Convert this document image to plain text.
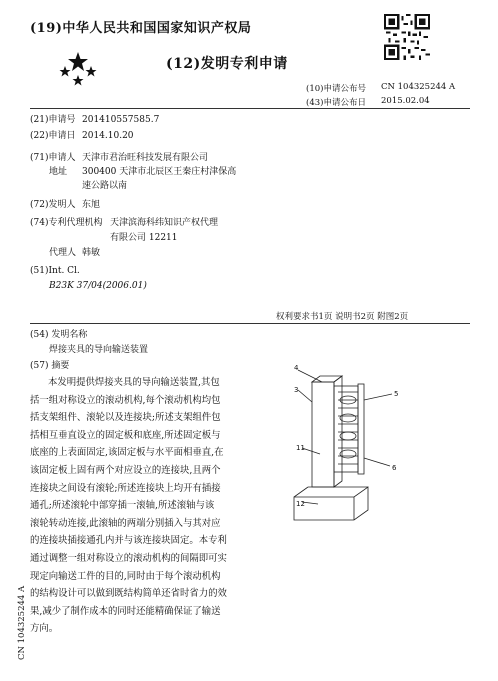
(19)中华人民共和国国家知识产权局
(12)发明专利申请
(10)申请公布号 CN 104325244 A
(43)申请公布日 2015.02.04
(21)申请号 201410557585.7
(22)申请日 2014.10.20
(71)申请人 天津市君治旺科技发展有限公司
地址 300400 天津市北辰区王秦庄村津保高
速公路以南
(72)发明人 东旭
(74)专利代理机构 天津滨海科纬知识产权代理
有限公司 12211
代理人 韩敏
(51)Int. Cl.
B23K 37/04(2006.01)
权利要求书1页 说明书2页 附图2页
(54) 发明名称
焊接夹具的导向输送装置
(57) 摘要
本发明提供焊接夹具的导向输送装置,其包
括一组对称设立的滚动机构,每个滚动机构均包
括支架组件、滚轮以及连接块;所述支架组件包
括相互垂直设立的固定板和底座,所述固定板与
底座的上表面固定,该固定板与水平面相垂直,在
该固定板上固有两个对应设立的连接块,且两个
连接块之间设有滚轮;所述连接块上均开有插接
通孔;所述滚轮中部穿插一滚轴,所述滚轴与该
滚轮转动连接,此滚轴的两端分别插入与其对应
的连接块插接通孔内并与该连接块固定。本专利
通过调整一组对称设立的滚动机构的间隔即可实
现定向输送工件的目的,同时由于每个滚动机构
的结构设计可以做到既结构简单还省时省力的效
果,减少了制作成本的同时还能精确保证了输送
方向。
4
3	5
11
6
12
CN 104325244 A
